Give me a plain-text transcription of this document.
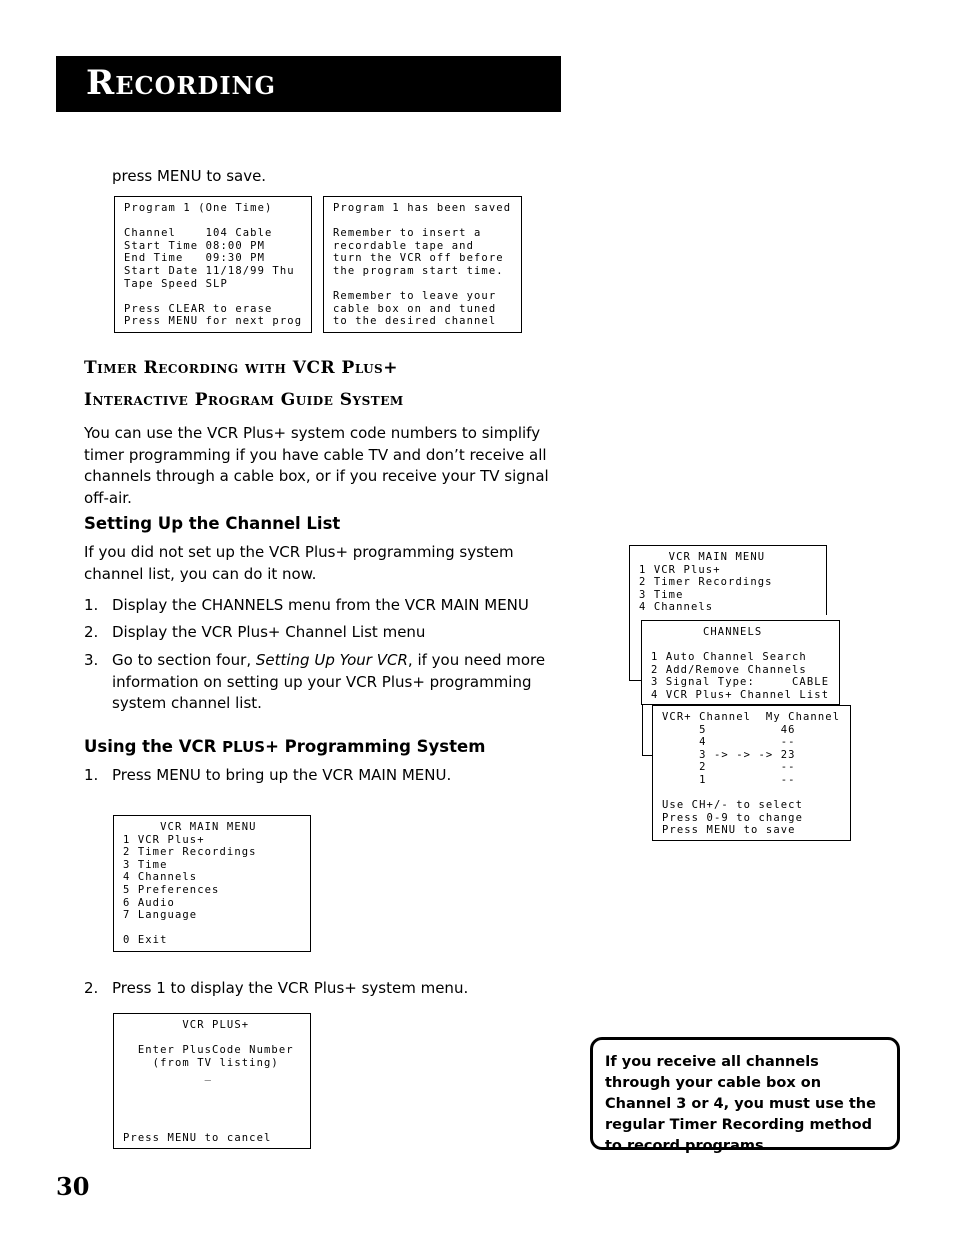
Recording
press MENU to save.
Program 1 (One Time)

Channel    104 Cable
Start Time 08:00 PM
End Time   09:30 PM
Start Date 11/18/99 Thu
Tape Speed SLP

Press CLEAR to erase
Press MENU for next prog
Program 1 has been saved

Remember to insert a
recordable tape and
turn the VCR off before
the program start time.

Remember to leave your
cable box on and tuned
to the desired channel
Timer Recording with VCR Plus+
Interactive Program Guide System
You can use the VCR Plus+ system code numbers to simplify timer programming if you have cable TV and don’t receive all channels through a cable box, or if you receive your TV signal off-air.
Setting Up the Channel List
If you did not set up the VCR Plus+ programming system channel list, you can do it now.
1. Display the CHANNELS menu from the VCR MAIN MENU
2. Display the VCR Plus+ Channel List menu
3. Go to section four, Setting Up Your VCR, if you need more information on setting up your VCR Plus+ programming system channel list.
Using the VCR PLUS+ Programming System
1. Press MENU to bring up the VCR MAIN MENU.
VCR MAIN MENU
1 VCR Plus+
2 Timer Recordings
3 Time
4 Channels
5 Preferences
6 Audio
7 Language

0 Exit
2. Press 1 to display the VCR Plus+ system menu.
VCR PLUS+

Enter PlusCode Number
(from TV listing)
_

Press MENU to cancel
VCR MAIN MENU
1 VCR Plus+
2 Timer Recordings
3 Time
4 Channels
CHANNELS

1 Auto Channel Search
2 Add/Remove Channels
3 Signal Type:     CABLE
4 VCR Plus+ Channel List
VCR+ Channel  My Channel
5          46
4          --
3 -> -> -> 23
2          --
1          --

Use CH+/- to select
Press 0-9 to change
Press MENU to save
If you receive all channels through your cable box on Channel 3 or 4, you must use the regular Timer Recording method to record programs.
30
